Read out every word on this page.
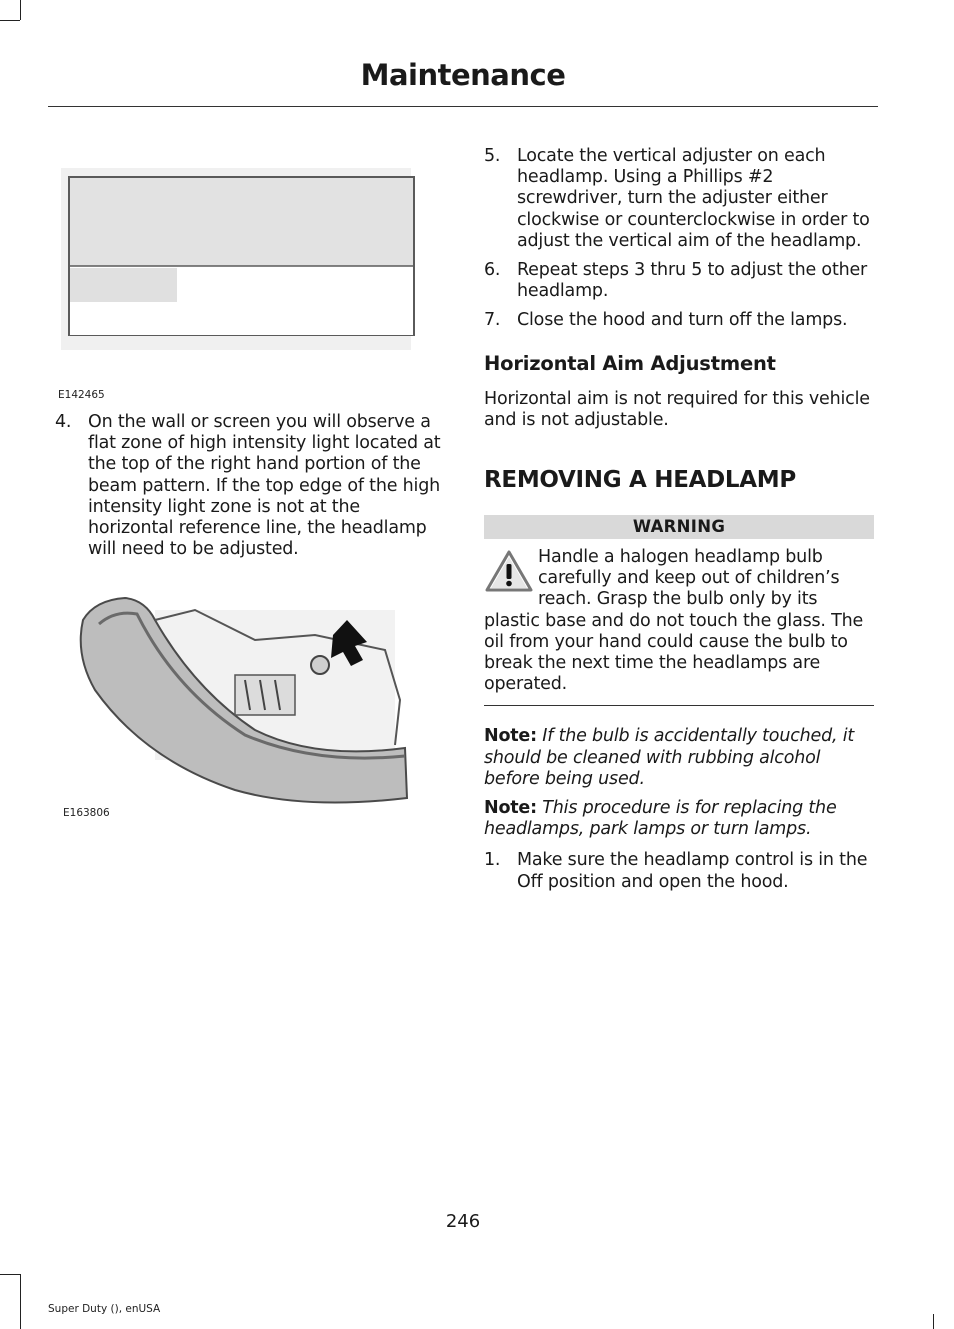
Maintenance
E142465
4. On the wall or screen you will observe a flat zone of high intensity light located at the top of the right hand portion of the beam pattern. If the top edge of the high intensity light zone is not at the horizontal reference line, the headlamp will need to be adjusted.
E163806
5. Locate the vertical adjuster on each headlamp. Using a Phillips #2 screwdriver, turn the adjuster either clockwise or counterclockwise in order to adjust the vertical aim of the headlamp.
6. Repeat steps 3 thru 5 to adjust the other headlamp.
7. Close the hood and turn off the lamps.
Horizontal Aim Adjustment

Horizontal aim is not required for this vehicle and is not adjustable.

REMOVING A HEADLAMP
WARNING
Handle a halogen headlamp bulb carefully and keep out of children’s reach. Grasp the bulb only by its plastic base and do not touch the glass. The oil from your hand could cause the bulb to break the next time the headlamps are operated.

Note: If the bulb is accidentally touched, it should be cleaned with rubbing alcohol before being used.

Note: This procedure is for replacing the headlamps, park lamps or turn lamps.

1. Make sure the headlamp control is in the Off position and open the hood.
246
Super Duty (), enUSA
